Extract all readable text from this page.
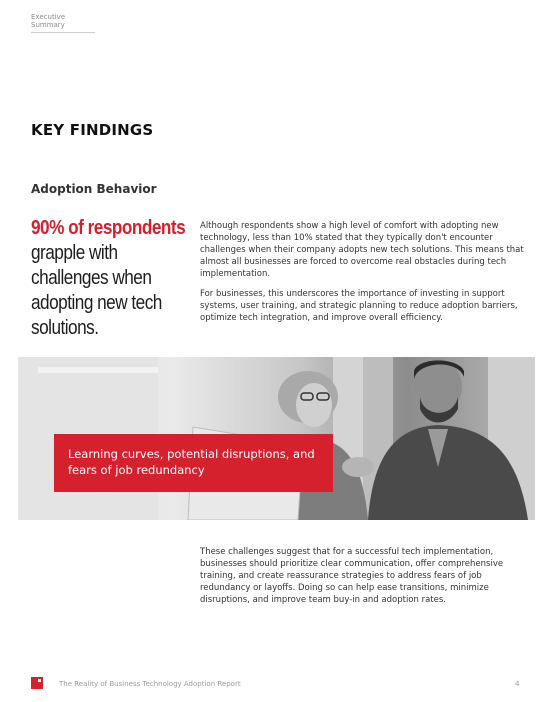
Executive Summary
KEY FINDINGS
Adoption Behavior
90% of respondents
grapple with challenges when adopting new tech solutions.

Although respondents show a high level of comfort with adopting new technology, less than 10% stated that they typically don't encounter challenges when their company adopts new tech solutions. This means that almost all businesses are forced to overcome real obstacles during tech implementation.

For businesses, this underscores the importance of investing in support systems, user training, and strategic planning to reduce adoption barriers, optimize tech integration, and improve overall efficiency.

Learning curves, potential disruptions, and fears of job redundancy

These challenges suggest that for a successful tech implementation, businesses should prioritize clear communication, offer comprehensive training, and create reassurance strategies to address fears of job redundancy or layoffs. Doing so can help ease transitions, minimize disruptions, and improve team buy-in and adoption rates.

The Reality of Business Technology Adoption Report	4
